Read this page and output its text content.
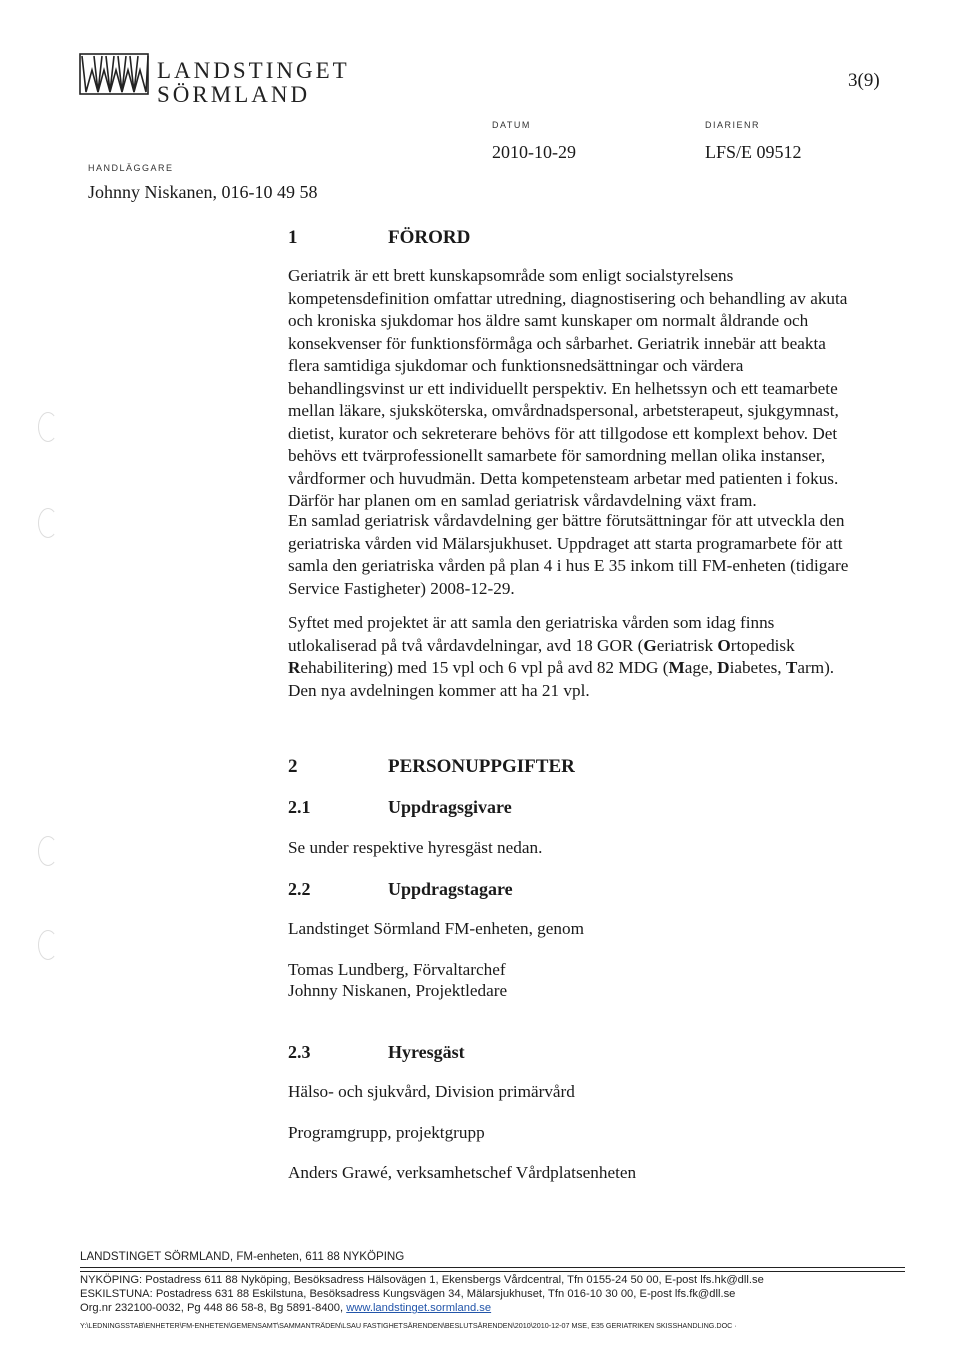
LANDSTINGET
SÖRMLAND
3(9)
DATUM
2010-10-29
DIARIENR
LFS/E 09512
HANDLÄGGARE
Johnny Niskanen, 016-10 49 58
1	FÖRORD

Geriatrik är ett brett kunskapsområde som enligt socialstyrelsens

kompetensdefinition omfattar utredning, diagnostisering och behandling av akuta

och kroniska sjukdomar hos äldre samt kunskaper om normalt åldrande och

konsekvenser för funktionsförmåga och sårbarhet. Geriatrik innebär att beakta

flera samtidiga sjukdomar och funktionsnedsättningar och värdera

behandlingsvinst ur ett individuellt perspektiv. En helhetssyn och ett teamarbete

mellan läkare, sjuksköterska, omvårdnadspersonal, arbetsterapeut, sjukgymnast,

dietist, kurator och sekreterare behövs för att tillgodose ett komplext behov. Det

behövs ett tvärprofessionellt samarbete för samordning mellan olika instanser,

vårdformer och huvudmän. Detta kompetensteam arbetar med patienten i fokus.

Därför har planen om en samlad geriatrisk vårdavdelning växt fram.

En samlad geriatrisk vårdavdelning ger bättre förutsättningar för att utveckla den

geriatriska vården vid Mälarsjukhuset. Uppdraget att starta programarbete för att

samla den geriatriska vården på plan 4 i hus E 35 inkom till FM-enheten (tidigare

Service Fastigheter) 2008-12-29.

Syftet med projektet är att samla den geriatriska vården som idag finns

utlokaliserad på två vårdavdelningar, avd 18 GOR (Geriatrisk Ortopedisk

Rehabilitering) med 15 vpl och 6 vpl på avd 82 MDG (Mage, Diabetes, Tarm).

Den nya avdelningen kommer att ha 21 vpl.

2	PERSONUPPGIFTER
2.1	Uppdragsgivare
Se under respektive hyresgäst nedan.
2.2	Uppdragstagare
Landstinget Sörmland FM-enheten, genom
Tomas Lundberg, Förvaltarchef
Johnny Niskanen, Projektledare
2.3	Hyresgäst
Hälso- och sjukvård, Division primärvård
Programgrupp, projektgrupp
Anders Grawé, verksamhetschef Vårdplatsenheten
LANDSTINGET SÖRMLAND, FM-enheten, 611 88 NYKÖPING
NYKÖPING: Postadress 611 88 Nyköping, Besöksadress Hälsovägen 1, Ekensbergs Vårdcentral, Tfn 0155-24 50 00, E-post lfs.hk@dll.se
ESKILSTUNA: Postadress 631 88 Eskilstuna, Besöksadress Kungsvägen 34, Mälarsjukhuset, Tfn 016-10 30 00, E-post lfs.fk@dll.se
Org.nr 232100-0032, Pg 448 86 58-8, Bg 5891-8400, www.landstinget.sormland.se
Y:\LEDNINGSSTAB\ENHETER\FM-ENHETEN\GEMENSAMT\SAMMANTRÄDEN\LSAU FASTIGHETSÄRENDEN\BESLUTSÄRENDEN\2010\2010-12-07 MSE, E35 GERIATRIKEN SKISSHANDLING.DOC ·
